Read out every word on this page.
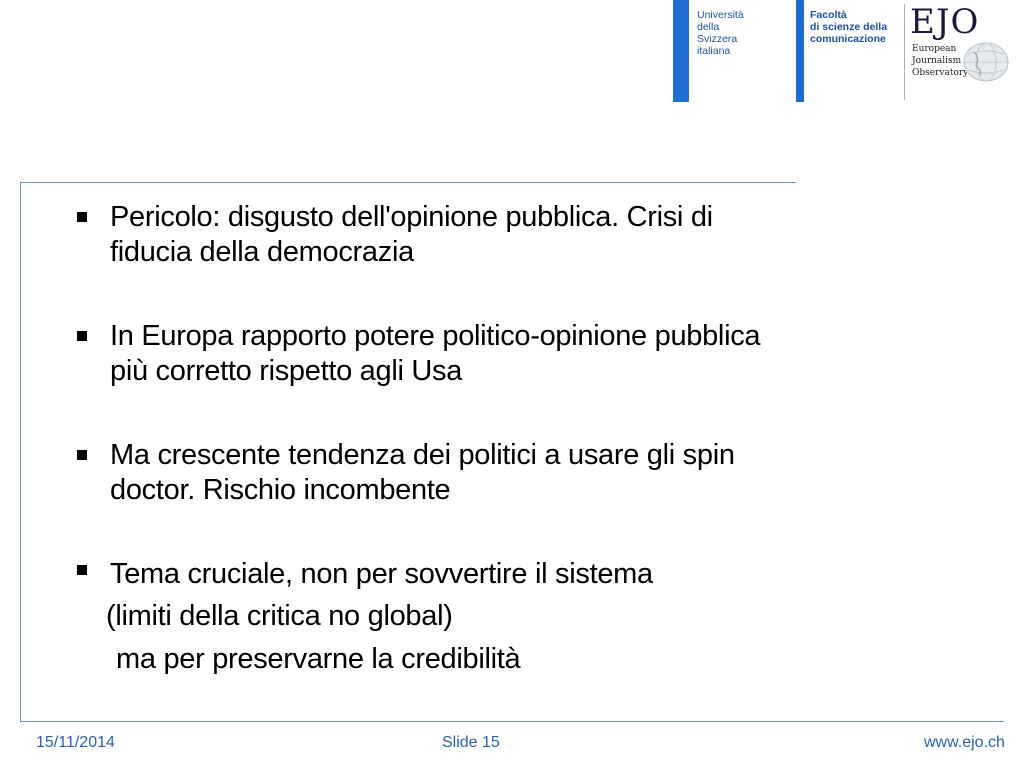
Università
della
Svizzera
italiana

Facoltà
di scienze della
comunicazione EJO
European
Journalism
Observatory
Pericolo: disgusto dell'opinione pubblica. Crisi di
fiducia della democrazia
In Europa rapporto potere politico-opinione pubblica
più corretto rispetto agli Usa
Ma crescente tendenza dei politici a usare gli spin
doctor. Rischio incombente
Tema cruciale, non per sovvertire il sistema
(limiti della critica no global)
ma per preservarne la credibilità
15/11/2014	Slide 15	www.ejo.ch
